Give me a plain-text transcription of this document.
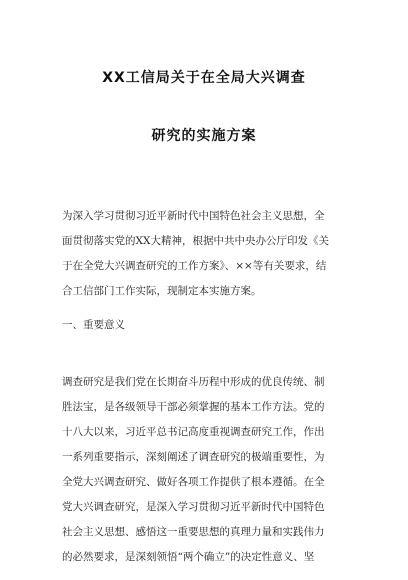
XX工信局关于在全局大兴调查
研究的实施方案
为深入学习贯彻习近平新时代中国特色社会主义思想，全
面贯彻落实党的XX大精神，根据中共中央办公厅印发《关
于在全党大兴调查研究的工作方案》、××等有关要求，结
合工信部门工作实际，现制定本实施方案。
一、重要意义
调查研究是我们党在长期奋斗历程中形成的优良传统、制
胜法宝，是各级领导干部必须掌握的基本工作方法。党的
十八大以来，习近平总书记高度重视调查研究工作，作出
一系列重要指示，深刻阐述了调查研究的极端重要性，为
全党大兴调查研究、做好各项工作提供了根本遵循。在全
党大兴调查研究，是深入学习贯彻习近平新时代中国特色
社会主义思想、感悟这一重要思想的真理力量和实践伟力
的必然要求，是深刻领悟“两个确立”的决定性意义、坚
